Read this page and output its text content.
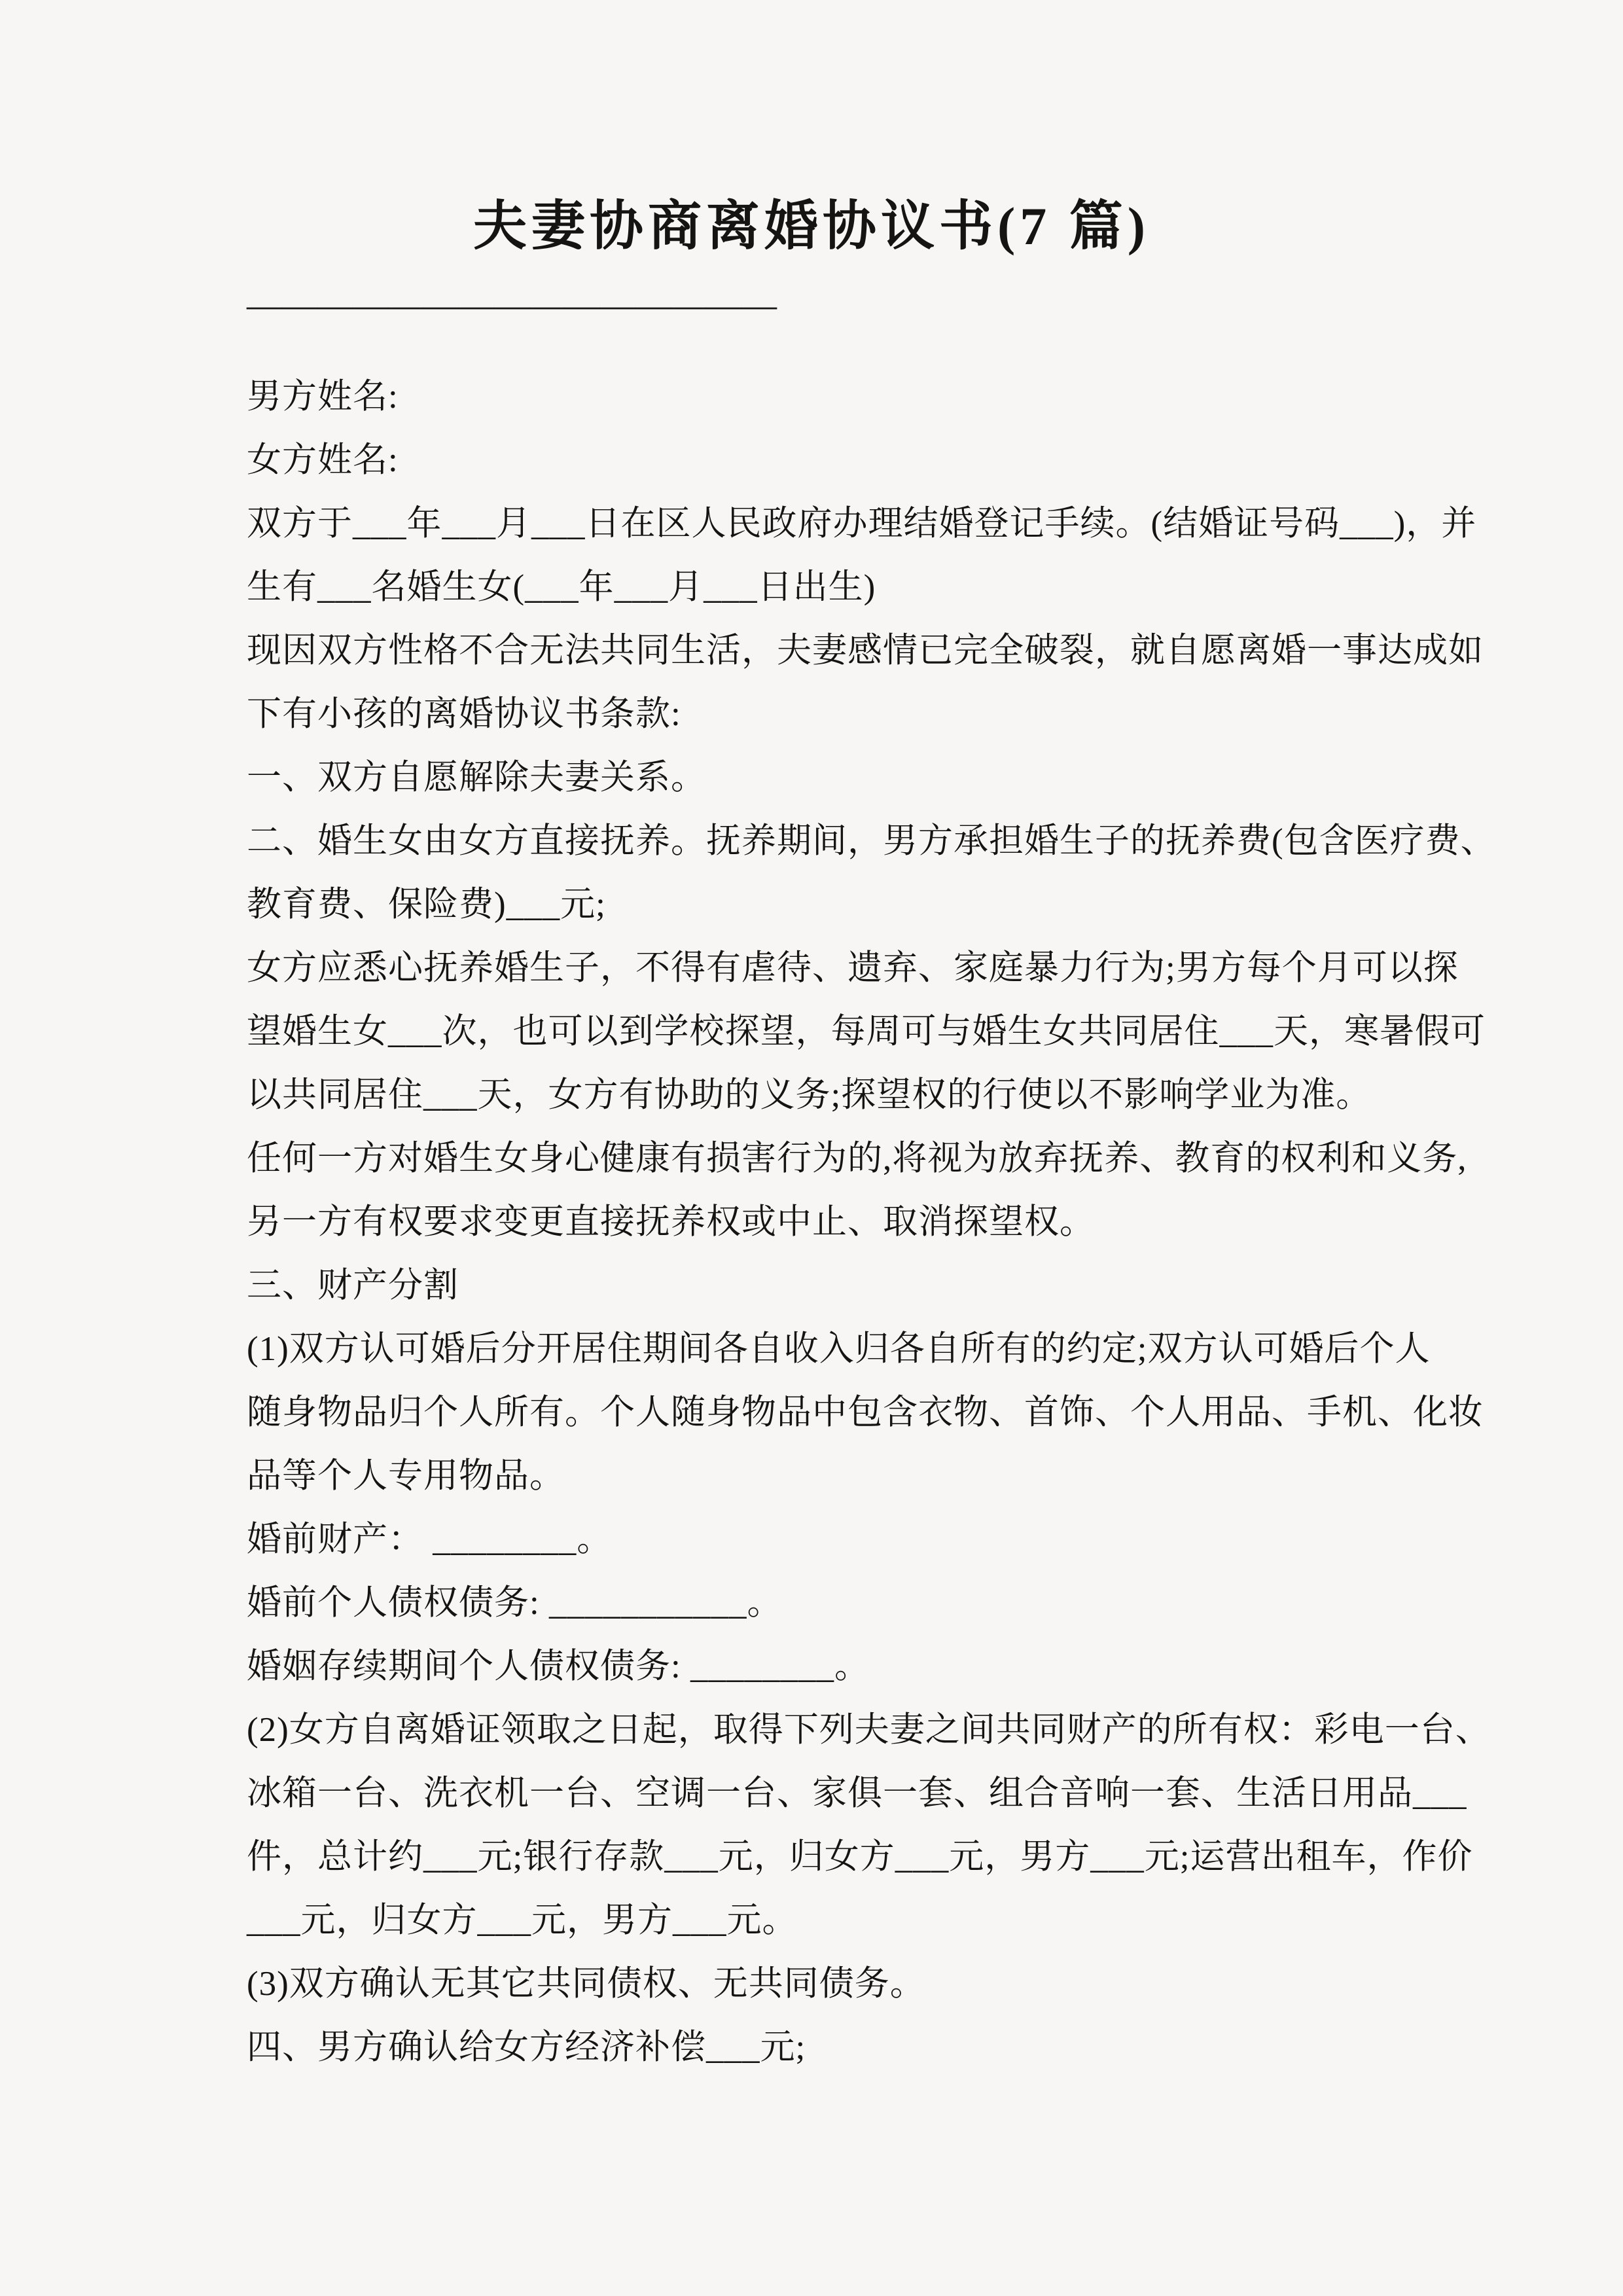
夫妻协商离婚协议书(7 篇)
———————————————
男方姓名:
女方姓名:
双方于___年___月___日在区人民政府办理结婚登记手续。(结婚证号码___)，并
生有___名婚生女(___年___月___日出生)
现因双方性格不合无法共同生活，夫妻感情已完全破裂，就自愿离婚一事达成如
下有小孩的离婚协议书条款:
一、双方自愿解除夫妻关系。
二、婚生女由女方直接抚养。抚养期间，男方承担婚生子的抚养费(包含医疗费、
教育费、保险费)___元;
女方应悉心抚养婚生子，不得有虐待、遗弃、家庭暴力行为;男方每个月可以探
望婚生女___次，也可以到学校探望，每周可与婚生女共同居住___天，寒暑假可
以共同居住___天，女方有协助的义务;探望权的行使以不影响学业为准。
任何一方对婚生女身心健康有损害行为的,将视为放弃抚养、教育的权利和义务,
另一方有权要求变更直接抚养权或中止、取消探望权。
三、财产分割
(1)双方认可婚后分开居住期间各自收入归各自所有的约定;双方认可婚后个人
随身物品归个人所有。个人随身物品中包含衣物、首饰、个人用品、手机、化妆
品等个人专用物品。
婚前财产： ________。
婚前个人债权债务: ___________。
婚姻存续期间个人债权债务: ________。
(2)女方自离婚证领取之日起，取得下列夫妻之间共同财产的所有权：彩电一台、
冰箱一台、洗衣机一台、空调一台、家俱一套、组合音响一套、生活日用品___
件，总计约___元;银行存款___元，归女方___元，男方___元;运营出租车，作价
___元，归女方___元，男方___元。
(3)双方确认无其它共同债权、无共同债务。
四、男方确认给女方经济补偿___元;
